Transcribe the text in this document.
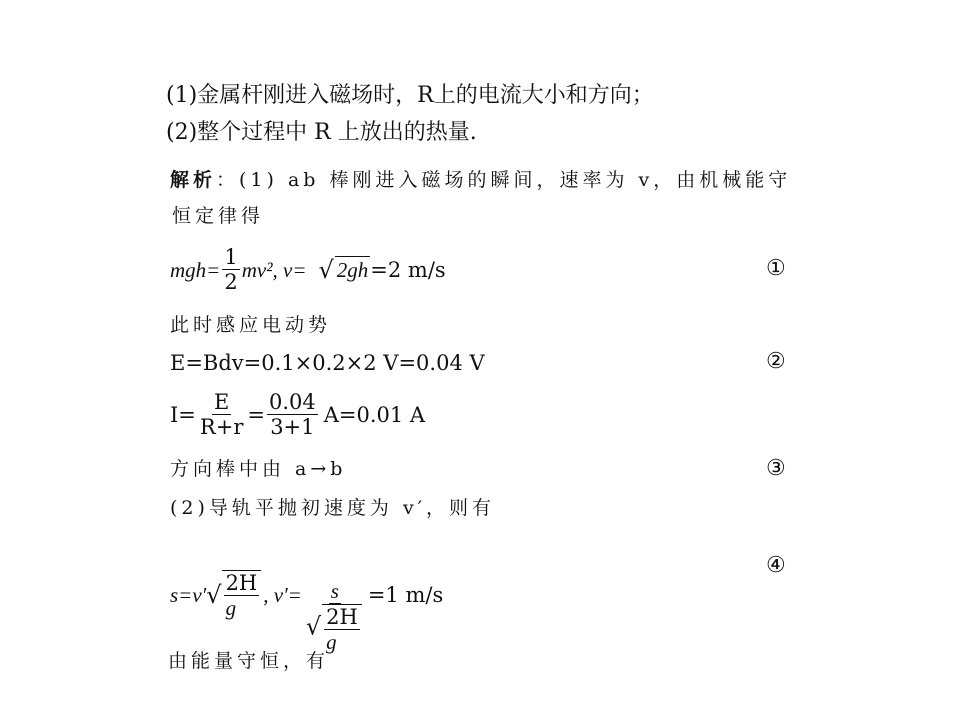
(1)金属杆刚进入磁场时，R上的电流大小和方向；
(2)整个过程中 R 上放出的热量.
解析：(1) ab 棒刚进入磁场的瞬间，速率为 v，由机械能守
恒定律得
$mgh= \frac{1}{2} mv^2$, v= √ 2gh =2 m/s	①
此时感应电动势
E=Bdv=0.1×0.2×2 V=0.04 V	②
$I= \frac{E}{R+r} = \frac{0.04}{3+1} A=0.01$ A
方向棒中由 a→b	③
(2)导轨平抛初速度为 v′，则有
s=v′ √ $\frac{2H}{g}$ , $v'= \frac{s}{√ \frac{2H}{g}} =1$ m/s
④
由能量守恒，有
